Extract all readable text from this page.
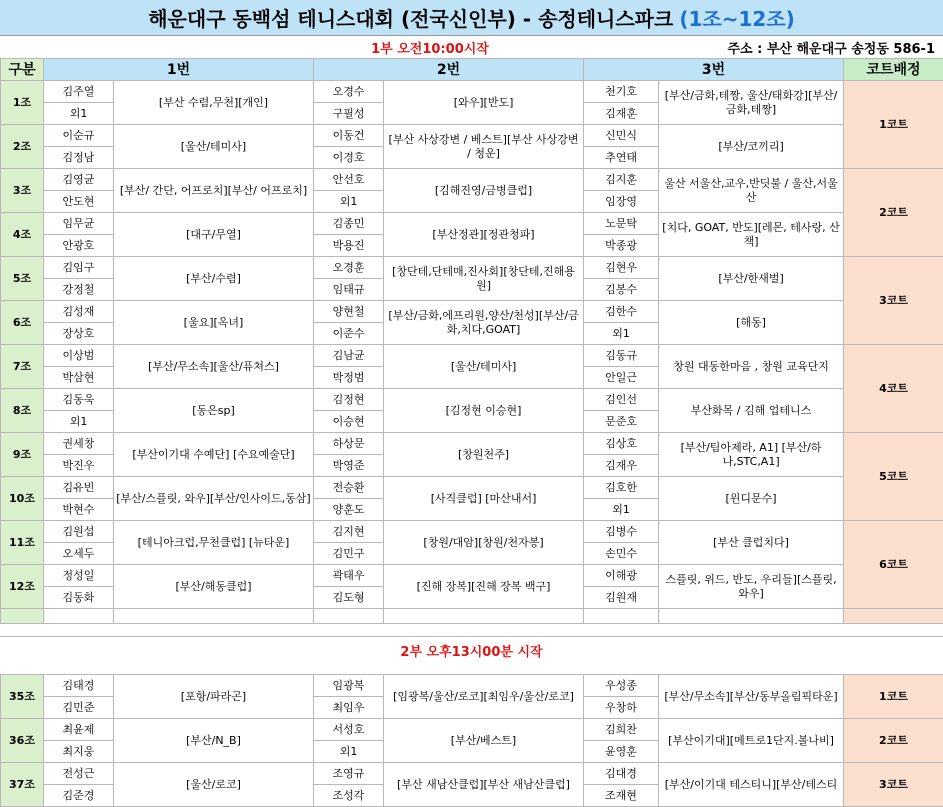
해운대구 동백섬 테니스대회 (전국신인부) - 송정테니스파크 (1조~12조)
1부 오전10:00시작	주소 : 부산 해운대구 송정동 586-1
구분	1번		2번		3번		코트배정
1조	김주열	[부산 수렴,무천][개인]	오경수	[와우][반도]	천기호	[부산/금화,테짱, 울산/태화강][부산/금화,테짱]	1코트
	외1		구필성		김재훈		
2조	이순규	[울산/테미사]	이동건	[부산 사상강변 / 베스트][부산 사상강변 / 청운]	신민식	[부산/코끼리]	
	김정남		이경호		추연태		
3조	김영균	[부산/ 간단, 어프로치][부산/ 어프로치]	안선호	[김해진영/금병클럽]	김지훈	울산 서울산,교우,반딧불 / 울산,서울산	2코트
	안도현		외1		임장영		
4조	임무균	[대구/무열]	김종민	[부산정관][정관청파]	노문탁	[치다, GOAT, 반도][레몬, 테사랑, 산책]	
	안광호		박용진		박종광		
5조	김임구	[부산/수렴]	오경훈	[창단테,단테매,진사회][창단테,진해용원]	김현우	[부산/한새벌]	3코트
	강정철		임태규		김봉수		
6조	김성재	[울요][옥녀]	양현철	[부산/금화,에프리원,양산/천성][부산/금화,치다,GOAT]	김한수	[해동]	
	장상호		이준수		외1		
7조	이상범	[부산/무소속][울산/퓨쳐스]	김남균	[울산/테미사]	김동규	창원 대동한마음 , 창원 교육단지	4코트
	박삼현		박정범		안일근		
8조	김동욱	[동은sp]	김정현	[김정현 이승현]	김인선	부산화목 / 김해 업테니스	
	외1		이승현		문준호		
9조	권세창	[부산이기대 수예단] [수요예술단]	하상문	[창원천주]	김상호	[부산/팀아제라, A1] [부산/하나,STC,A1]	5코트
	박진우		박영준		김재우		
10조	김유빈	[부산/스플릿, 와우][부산/인사이드,동삼]	전승환	[사직클럽] [마산내서]	김호한	[윈디문수]	
	박현수		양훈도		외1		
11조	김원섭	[테니아크럽,무천클럽] [뉴타운]	김지현	[창원/대암][창원/천자봉]	김병수	[부산 클럽치다]	6코트
	오세두		김민구		손민수		
12조	정성일	[부산/해동클럽]	곽태우	[진해 장복][진해 장복 백구]	이해광	스플릿, 위드, 반도, 우리들][스플릿, 와우]	
	김동화		김도형		김원재		

2부 오후13시00분 시작
35조	김태경	[포항/파라곤]	임광복	[임광복/울산/로코][최임우/울산/로코]	우성종	[부산/무소속][부산/동부올림픽타운]	1코트
	김민준		최임우		우창하		
36조	최윤제	[부산/N_B]	서성호	[부산/베스트]	김희찬	[부산이기대][메트로1단지.볼나비]	2코트
	최지웅		외1		윤영훈		
37조	전성근	[울산/로코]	조영규	[부산 새남산클럽][부산 새남산클럽]	김대경	[부산/이기대 테스티니][부산/테스티	3코트
	김준경		조성각		조재현		
